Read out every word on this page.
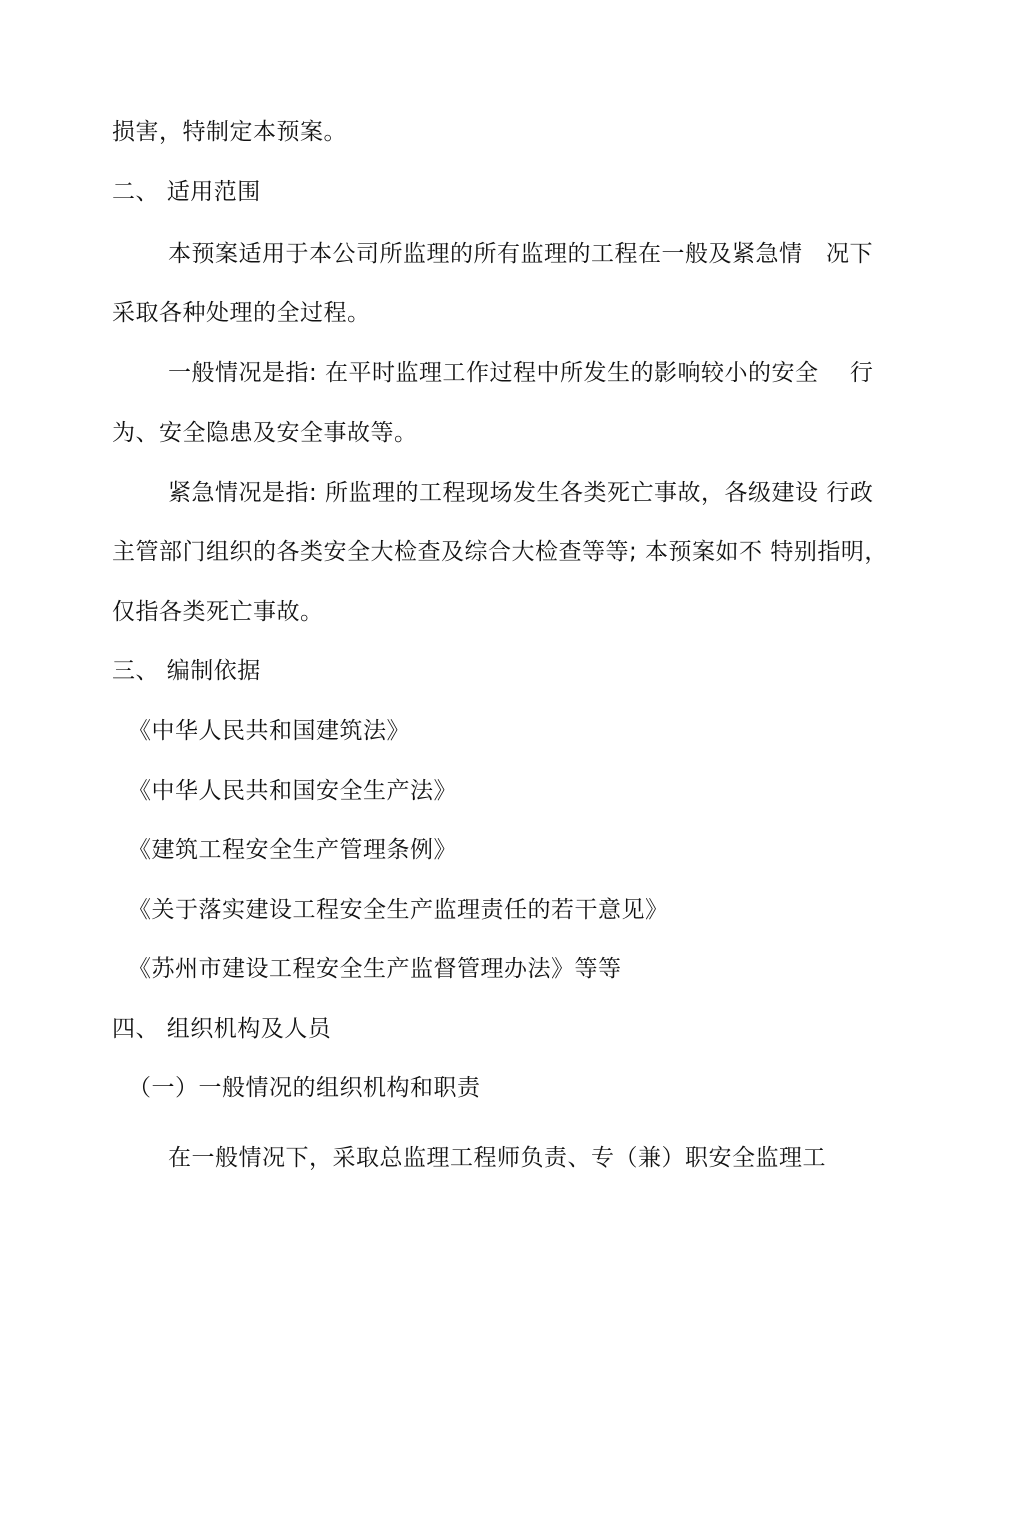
损害，特制定本预案。
二、 适用范围
本预案适用于本公司所监理的所有监理的工程在一般及紧急情　况下
采取各种处理的全过程。
一般情况是指: 在平时监理工作过程中所发生的影响较小的安全　 行
为、安全隐患及安全事故等。
紧急情况是指: 所监理的工程现场发生各类死亡事故，各级建设 行政
主管部门组织的各类安全大检查及综合大检查等等; 本预案如不 特别指明，
仅指各类死亡事故。
三、 编制依据
《中华人民共和国建筑法》
《中华人民共和国安全生产法》
《建筑工程安全生产管理条例》
《关于落实建设工程安全生产监理责任的若干意见》
《苏州市建设工程安全生产监督管理办法》等等
四、 组织机构及人员
（一）一般情况的组织机构和职责
在一般情况下，采取总监理工程师负责、专（兼）职安全监理工
